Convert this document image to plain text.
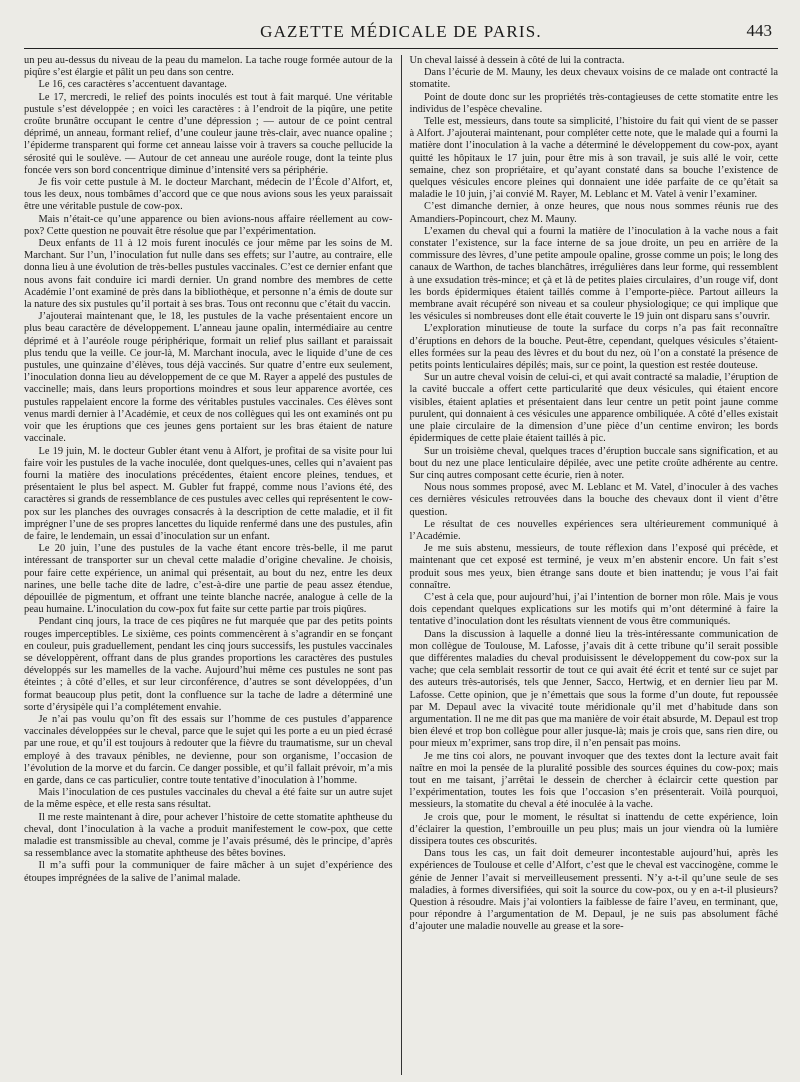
GAZETTE MÉDICALE DE PARIS.	443

un peu au-dessus du niveau de la peau du mamelon. La tache rouge formée autour de la piqûre s’est élargie et pâlit un peu dans son centre.

Le 16, ces caractères s’accentuent davantage.

Le 17, mercredi, le relief des points inoculés est tout à fait marqué. Une véritable pustule s’est développée ; en voici les caractères : à l’endroit de la piqûre, une petite croûte brunâtre occupant le centre d’une dépression ; — autour de ce point central déprimé, un anneau, formant relief, d’une couleur jaune très-clair, avec nuance opaline ; l’épiderme transparent qui forme cet anneau laisse voir à travers sa couche pellucide la sérosité qui le soulève. — Autour de cet anneau une auréole rouge, dont la teinte plus foncée vers son bord concentrique diminue d’intensité vers sa périphérie.

Je fis voir cette pustule à M. le docteur Marchant, médecin de l’École d’Alfort, et, tous les deux, nous tombâmes d’accord que ce que nous avions sous les yeux paraissait être une véritable pustule de cow-pox.

Mais n’était-ce qu’une apparence ou bien avions-nous affaire réellement au cow-pox? Cette question ne pouvait être résolue que par l’expérimentation.

Deux enfants de 11 à 12 mois furent inoculés ce jour même par les soins de M. Marchant. Sur l’un, l’inoculation fut nulle dans ses effets; sur l’autre, au contraire, elle donna lieu à une évolution de très-belles pustules vaccinales. C’est ce dernier enfant que nous avons fait conduire ici mardi dernier. Un grand nombre des membres de cette Académie l’ont examiné de près dans la bibliothèque, et personne n’a émis de doute sur la nature des six pustules qu’il portait à ses bras. Tous ont reconnu que c’était du vaccin.

J’ajouterai maintenant que, le 18, les pustules de la vache présentaient encore un plus beau caractère de développement. L’anneau jaune opalin, intermédiaire au centre déprimé et à l’auréole rouge périphérique, formait un relief plus saillant et paraissait plus tendu que la veille. Ce jour-là, M. Marchant inocula, avec le liquide d’une de ces pustules, une quinzaine d’élèves, tous déjà vaccinés. Sur quatre d’entre eux seulement, l’inoculation donna lieu au développement de ce que M. Rayer a appelé des pustules de vaccinelle; mais, dans leurs proportions moindres et sous leur apparence avortée, ces pustules rappelaient encore la forme des véritables pustules vaccinales. Ces élèves sont venus mardi dernier à l’Académie, et ceux de nos collègues qui les ont examinés ont pu voir que les éruptions que ces jeunes gens portaient sur les bras étaient de nature vaccinale.

Le 19 juin, M. le docteur Gubler étant venu à Alfort, je profitai de sa visite pour lui faire voir les pustules de la vache inoculée, dont quelques-unes, celles qui n’avaient pas fourni la matière des inoculations précédentes, étaient encore pleines, tendues, et présentaient le plus bel aspect. M. Gubler fut frappé, comme nous l’avions été, des caractères si grands de ressemblance de ces pustules avec celles qui représentent le cow-pox sur les planches des ouvrages consacrés à la description de cette maladie, et il fit imprégner l’une de ses propres lancettes du liquide renfermé dans une des pustules, afin de faire, le lendemain, un essai d’inoculation sur un enfant.

Le 20 juin, l’une des pustules de la vache étant encore très-belle, il me parut intéressant de transporter sur un cheval cette maladie d’origine chevaline. Je choisis, pour faire cette expérience, un animal qui présentait, au bout du nez, entre les deux narines, une belle tache dite de ladre, c’est-à-dire une partie de peau assez étendue, dépouillée de pigmentum, et offrant une teinte blanche nacrée, analogue à celle de la peau humaine. L’inoculation du cow-pox fut faite sur cette partie par trois piqûres.

Pendant cinq jours, la trace de ces piqûres ne fut marquée que par des petits points rouges imperceptibles. Le sixième, ces points commencèrent à s’agrandir en se fonçant en couleur, puis graduellement, pendant les cinq jours successifs, les pustules vaccinales se développèrent, offrant dans de plus grandes proportions les caractères des pustules développés sur les mamelles de la vache. Aujourd’hui même ces pustules ne sont pas éteintes ; à côté d’elles, et sur leur circonférence, d’autres se sont développées, d’un format beaucoup plus petit, dont la confluence sur la tache de ladre a déterminé une sorte d’érysipèle qui l’a complétement envahie.

Je n’ai pas voulu qu’on fît des essais sur l’homme de ces pustules d’apparence vaccinales développées sur le cheval, parce que le sujet qui les porte a eu un pied écrasé par une roue, et qu’il est toujours à redouter que la fièvre du traumatisme, sur un cheval employé à des travaux pénibles, ne devienne, pour son organisme, l’occasion de l’évolution de la morve et du farcin. Ce danger possible, et qu’il fallait prévoir, m’a mis en garde, dans ce cas particulier, contre toute tentative d’inoculation à l’homme.

Mais l’inoculation de ces pustules vaccinales du cheval a été faite sur un autre sujet de la même espèce, et elle resta sans résultat.

Il me reste maintenant à dire, pour achever l’histoire de cette stomatite aphtheuse du cheval, dont l’inoculation à la vache a produit manifestement le cow-pox, que cette maladie est transmissible au cheval, comme je l’avais présumé, dès le principe, d’après sa ressemblance avec la stomatite aphtheuse des bêtes bovines.

Il m’a suffi pour la communiquer de faire mâcher à un sujet d’expérience des étoupes imprégnées de la salive de l’animal malade.

Un cheval laissé à dessein à côté de lui la contracta.

Dans l’écurie de M. Mauny, les deux chevaux voisins de ce malade ont contracté la stomatite.

Point de doute donc sur les propriétés très-contagieuses de cette stomatite entre les individus de l’espèce chevaline.

Telle est, messieurs, dans toute sa simplicité, l’histoire du fait qui vient de se passer à Alfort. J’ajouterai maintenant, pour compléter cette note, que le malade qui a fourni la matière dont l’inoculation à la vache a déterminé le développement du cow-pox, ayant quitté les hôpitaux le 17 juin, pour être mis à son travail, je suis allé le voir, cette semaine, chez son propriétaire, et qu’ayant constaté dans sa bouche l’existence de quelques vésicules encore pleines qui donnaient une idée parfaite de ce qu’était sa maladie le 10 juin, j’ai convié M. Rayer, M. Leblanc et M. Vatel à venir l’examiner.

C’est dimanche dernier, à onze heures, que nous nous sommes réunis rue des Amandiers-Popincourt, chez M. Mauny.

L’examen du cheval qui a fourni la matière de l’inoculation à la vache nous a fait constater l’existence, sur la face interne de sa joue droite, un peu en arrière de la commissure des lèvres, d’une petite ampoule opaline, grosse comme un pois; le long des canaux de Warthon, de taches blanchâtres, irrégulières dans leur forme, qui ressemblent à une exsudation très-mince; et çà et là de petites plaies circulaires, d’un rouge vif, dont les bords épidermiques étaient taillés comme à l’emporte-pièce. Partout ailleurs la membrane avait récupéré son niveau et sa couleur physiologique; ce qui implique que les vésicules si nombreuses dont elle était couverte le 19 juin ont disparu sans s’ouvrir.

L’exploration minutieuse de toute la surface du corps n’a pas fait reconnaître d’éruptions en dehors de la bouche. Peut-être, cependant, quelques vésicules s’étaient-elles formées sur la peau des lèvres et du bout du nez, où l’on a constaté la présence de petits points lenticulaires dépilés; mais, sur ce point, la question est restée douteuse.

Sur un autre cheval voisin de celui-ci, et qui avait contracté sa maladie, l’éruption de la cavité buccale a offert cette particularité que deux vésicules, qui étaient encore visibles, étaient aplaties et présentaient dans leur centre un petit point jaune comme purulent, qui donnaient à ces vésicules une apparence ombiliquée. A côté d’elles existait une plaie circulaire de la dimension d’une pièce d’un centime environ; les bords épidermiques de cette plaie étaient taillés à pic.

Sur un troisième cheval, quelques traces d’éruption buccale sans signification, et au bout du nez une place lenticulaire dépilée, avec une petite croûte adhérente au centre. Sur cinq autres composant cette écurie, rien à noter.

Nous nous sommes proposé, avec M. Leblanc et M. Vatel, d’inoculer à des vaches ces dernières vésicules retrouvées dans la bouche des chevaux dont il vient d’être question.

Le résultat de ces nouvelles expériences sera ultérieurement communiqué à l’Académie.

Je me suis abstenu, messieurs, de toute réflexion dans l’exposé qui précède, et maintenant que cet exposé est terminé, je veux m’en abstenir encore. Un fait s’est produit sous mes yeux, bien étrange sans doute et bien inattendu; je vous l’ai fait connaître.

C’est à cela que, pour aujourd’hui, j’ai l’intention de borner mon rôle. Mais je vous dois cependant quelques explications sur les motifs qui m’ont déterminé à faire la tentative d’inoculation dont les résultats viennent de vous être communiqués.

Dans la discussion à laquelle a donné lieu la très-intéressante communication de mon collègue de Toulouse, M. Lafosse, j’avais dit à cette tribune qu’il serait possible que différentes maladies du cheval produisissent le développement du cow-pox sur la vache; que cela semblait ressortir de tout ce qui avait été écrit et tenté sur ce sujet par des auteurs très-autorisés, tels que Jenner, Sacco, Hertwig, et en dernier lieu par M. Lafosse. Cette opinion, que je n’émettais que sous la forme d’un doute, fut repoussée par M. Depaul avec la vivacité toute méridionale qu’il met d’habitude dans son argumentation. Il ne me dit pas que ma manière de voir était absurde, M. Depaul est trop bien élevé et trop bon collègue pour aller jusque-là; mais je crois que, sans rien dire, ou pour mieux m’exprimer, sans trop dire, il n’en pensait pas moins.

Je me tins coi alors, ne pouvant invoquer que des textes dont la lecture avait fait naître en moi la pensée de la pluralité possible des sources équines du cow-pox; mais tout en me taisant, j’arrêtai le dessein de chercher à éclaircir cette question par l’expérimentation, toutes les fois que l’occasion s’en présenterait. Voilà pourquoi, messieurs, la stomatite du cheval a été inoculée à la vache.

Je crois que, pour le moment, le résultat si inattendu de cette expérience, loin d’éclairer la question, l’embrouille un peu plus; mais un jour viendra où la lumière dissipera toutes ces obscurités.

Dans tous les cas, un fait doit demeurer incontestable aujourd’hui, après les expériences de Toulouse et celle d’Alfort, c’est que le cheval est vaccinogène, comme le génie de Jenner l’avait si merveilleusement pressenti. N’y a-t-il qu’une seule de ses maladies, à formes diversifiées, qui soit la source du cow-pox, ou y en a-t-il plusieurs? Question à résoudre. Mais j’ai volontiers la faiblesse de faire l’aveu, en terminant, que, pour répondre à l’argumentation de M. Depaul, je ne suis pas absolument fâché d’ajouter une maladie nouvelle au grease et la sore-
